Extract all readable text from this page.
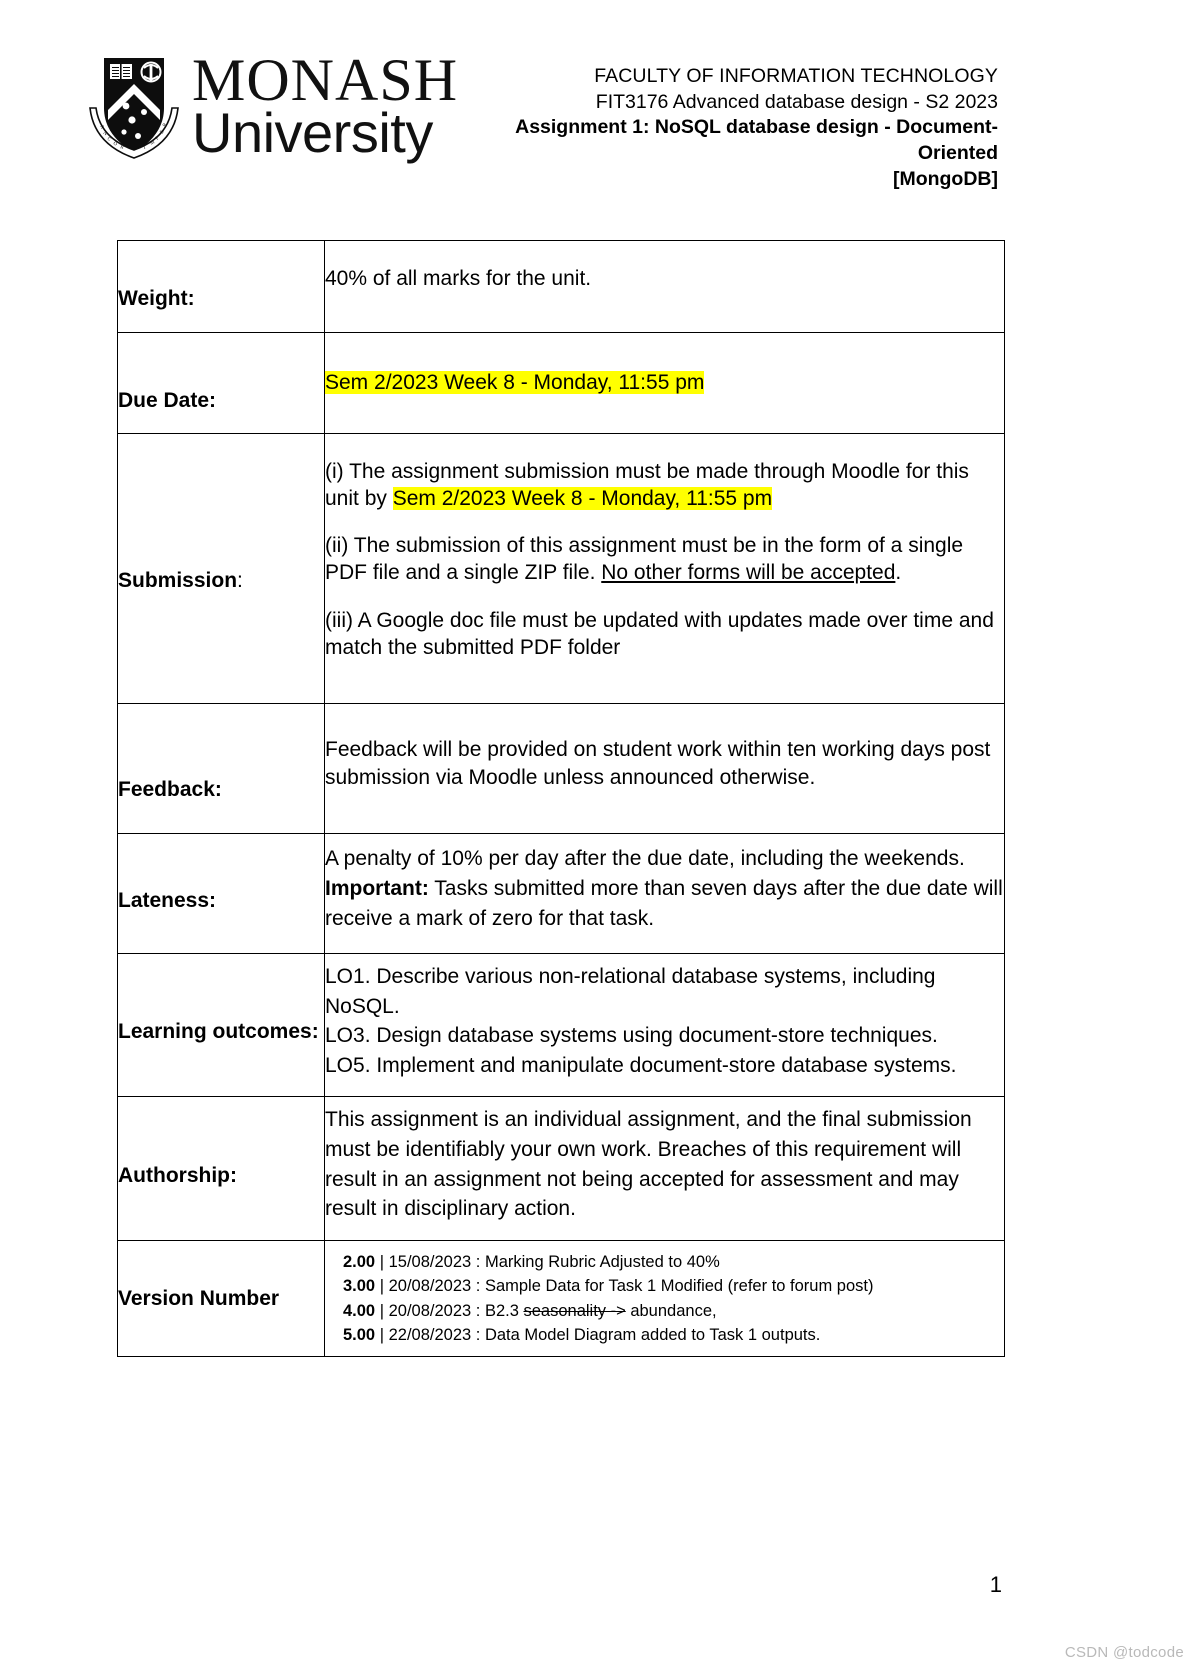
A
N
C
O
R	I
M
P
E
R
MONASH
University
FACULTY OF INFORMATION TECHNOLOGY
FIT3176 Advanced database design - S2 2023
Assignment 1: NoSQL database design - Document-Oriented
[MongoDB]
Weight:	40% of all marks for the unit.
Due Date:	Sem 2/2023 Week 8 - Monday, 11:55 pm
Submission:	(i) The assignment submission must be made through Moodle for this unit by Sem 2/2023 Week 8 - Monday, 11:55 pm

(ii) The submission of this assignment must be in the form of a single PDF file and a single ZIP file. No other forms will be accepted.

(iii) A Google doc file must be updated with updates made over time and match the submitted PDF folder

Feedback:	Feedback will be provided on student work within ten working days post submission via Moodle unless announced otherwise.
Lateness:	A penalty of 10% per day after the due date, including the weekends.
Important: Tasks submitted more than seven days after the due date will receive a mark of zero for that task.

Learning outcomes:	LO1. Describe various non-relational database systems, including NoSQL.
LO3. Design database systems using document-store techniques.
LO5. Implement and manipulate document-store database systems.

Authorship:	This assignment is an individual assignment, and the final submission must be identifiably your own work. Breaches of this requirement will result in an assignment not being accepted for assessment and may result in disciplinary action.
Version Number	2.00 | 15/08/2023 : Marking Rubric Adjusted to 40%
3.00 | 20/08/2023 : Sample Data for Task 1 Modified (refer to forum post)
4.00 | 20/08/2023 : B2.3 seasonality -> abundance,
5.00 | 22/08/2023 : Data Model Diagram added to Task 1 outputs.
1
CSDN @todcode
